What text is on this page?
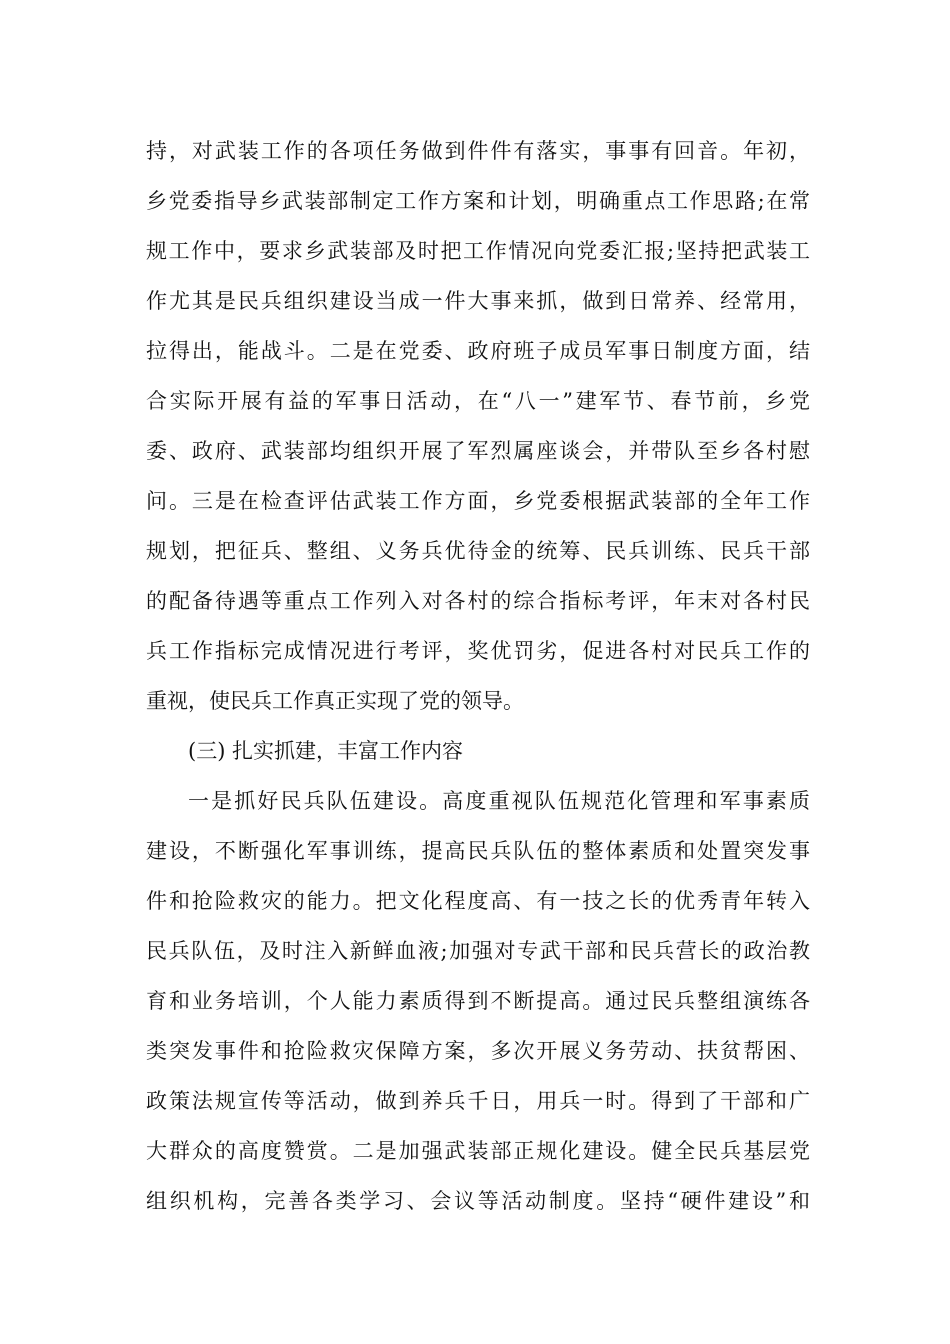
持，对武装工作的各项任务做到件件有落实，事事有回音。年初，
乡党委指导乡武装部制定工作方案和计划，明确重点工作思路;在常
规工作中，要求乡武装部及时把工作情况向党委汇报;坚持把武装工
作尤其是民兵组织建设当成一件大事来抓，做到日常养、经常用，
拉得出，能战斗。二是在党委、政府班子成员军事日制度方面，结
合实际开展有益的军事日活动，在“八一”建军节、春节前，乡党
委、政府、武装部均组织开展了军烈属座谈会，并带队至乡各村慰
问。三是在检查评估武装工作方面，乡党委根据武装部的全年工作
规划，把征兵、整组、义务兵优待金的统筹、民兵训练、民兵干部
的配备待遇等重点工作列入对各村的综合指标考评，年末对各村民
兵工作指标完成情况进行考评，奖优罚劣，促进各村对民兵工作的
重视，使民兵工作真正实现了党的领导。
(三) 扎实抓建，丰富工作内容
一是抓好民兵队伍建设。高度重视队伍规范化管理和军事素质
建设，不断强化军事训练，提高民兵队伍的整体素质和处置突发事
件和抢险救灾的能力。把文化程度高、有一技之长的优秀青年转入
民兵队伍，及时注入新鲜血液;加强对专武干部和民兵营长的政治教
育和业务培训，个人能力素质得到不断提高。通过民兵整组演练各
类突发事件和抢险救灾保障方案，多次开展义务劳动、扶贫帮困、
政策法规宣传等活动，做到养兵千日，用兵一时。得到了干部和广
大群众的高度赞赏。二是加强武装部正规化建设。健全民兵基层党
组织机构，完善各类学习、会议等活动制度。坚持“硬件建设”和
